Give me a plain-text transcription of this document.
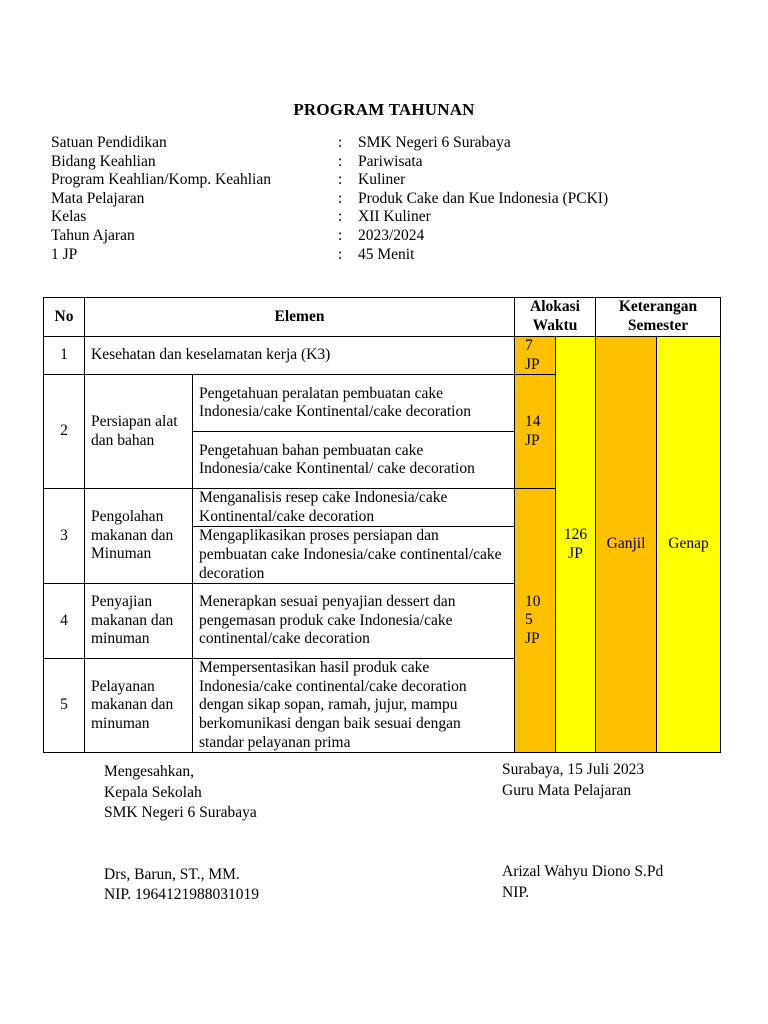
PROGRAM TAHUNAN
Satuan Pendidikan	: SMK Negeri 6 Surabaya
Bidang Keahlian	: Pariwisata
Program Keahlian/Komp. Keahlian	: Kuliner
Mata Pelajaran	: Produk Cake dan Kue Indonesia (PCKI)
Kelas	: XII Kuliner
Tahun Ajaran	: 2023/2024
1 JP	: 45 Menit
No	Elemen		Alokasi Waktu		Keterangan Semester	
1	Kesehatan dan keselamatan kerja (K3)		7 JP	126 JP	Ganjil	Genap
2	Persiapan alat dan bahan	Pengetahuan peralatan pembuatan cake Indonesia/cake Kontinental/cake decoration	14 JP			
		Pengetahuan bahan pembuatan cake Indonesia/cake Kontinental/ cake decoration				
3	Pengolahan makanan dan Minuman	Menganalisis resep cake Indonesia/cake Kontinental/cake decoration	10 5 JP			
		Mengaplikasikan proses persiapan dan pembuatan cake Indonesia/cake continental/cake decoration				
4	Penyajian makanan dan minuman	Menerapkan sesuai penyajian dessert dan pengemasan produk cake Indonesia/cake continental/cake decoration				
5	Pelayanan makanan dan minuman	Mempersentasikan hasil produk cake Indonesia/cake continental/cake decoration dengan sikap sopan, ramah, jujur, mampu berkomunikasi dengan baik sesuai dengan standar pelayanan prima				
Mengesahkan,
Kepala Sekolah
SMK Negeri 6 Surabaya
Drs, Barun, ST., MM.
NIP. 1964121988031019
Surabaya, 15 Juli 2023
Guru Mata Pelajaran
Arizal Wahyu Diono S.Pd
NIP.
